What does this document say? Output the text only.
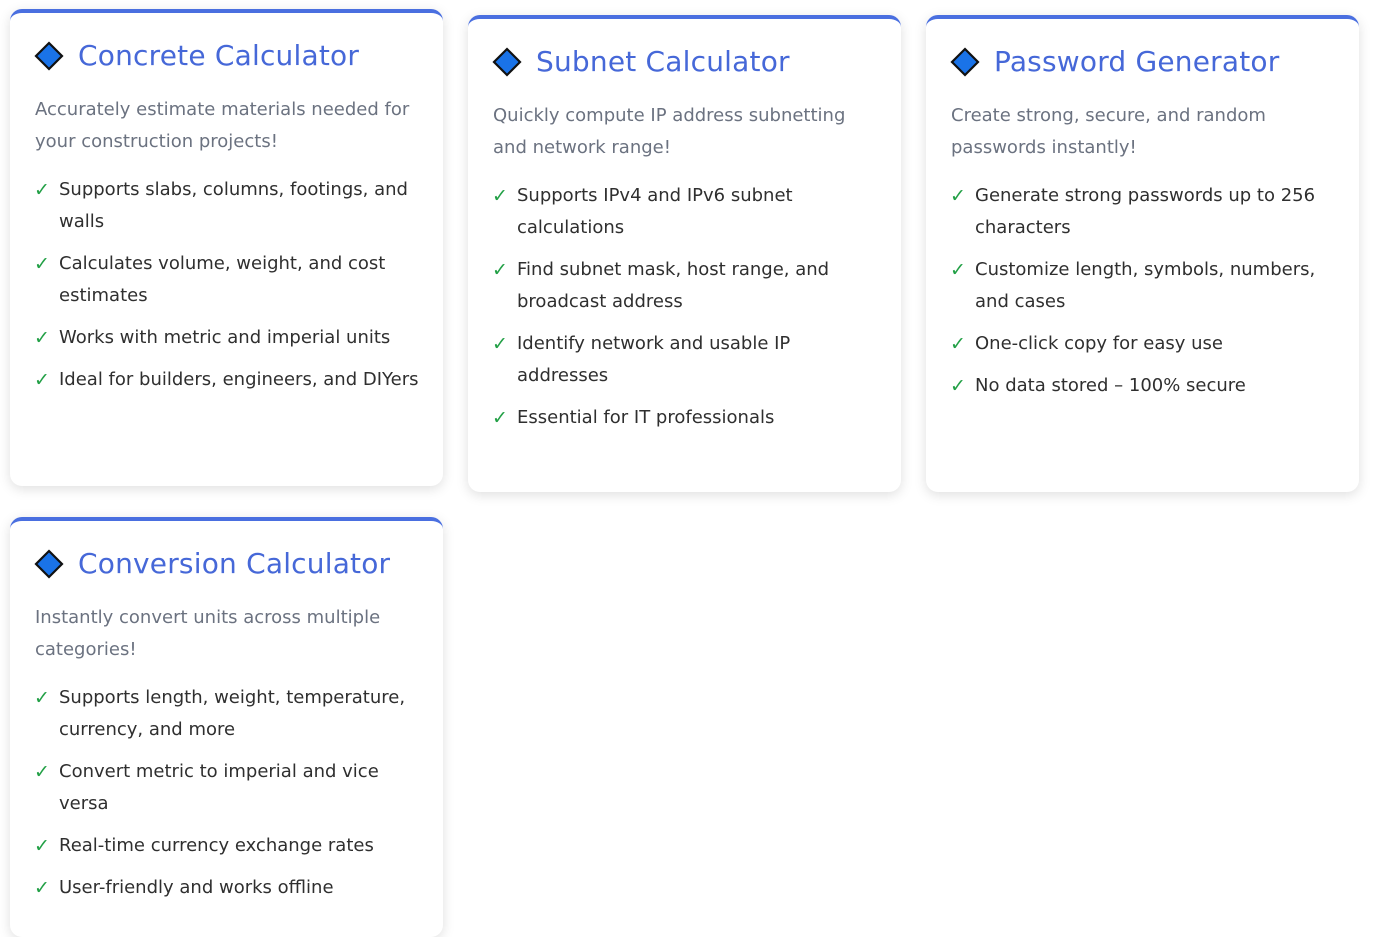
Concrete Calculator
Accurately estimate materials needed for your construction projects!
✓ Supports slabs, columns, footings, and walls
✓ Calculates volume, weight, and cost estimates
✓ Works with metric and imperial units
✓ Ideal for builders, engineers, and DIYers
Subnet Calculator
Quickly compute IP address subnetting and network range!
✓ Supports IPv4 and IPv6 subnet calculations
✓ Find subnet mask, host range, and broadcast address
✓ Identify network and usable IP addresses
✓ Essential for IT professionals
Password Generator
Create strong, secure, and random passwords instantly!
✓ Generate strong passwords up to 256 characters
✓ Customize length, symbols, numbers, and cases
✓ One-click copy for easy use
✓ No data stored – 100% secure
Conversion Calculator
Instantly convert units across multiple categories!
✓ Supports length, weight, temperature, currency, and more
✓ Convert metric to imperial and vice versa
✓ Real-time currency exchange rates
✓ User-friendly and works offline
